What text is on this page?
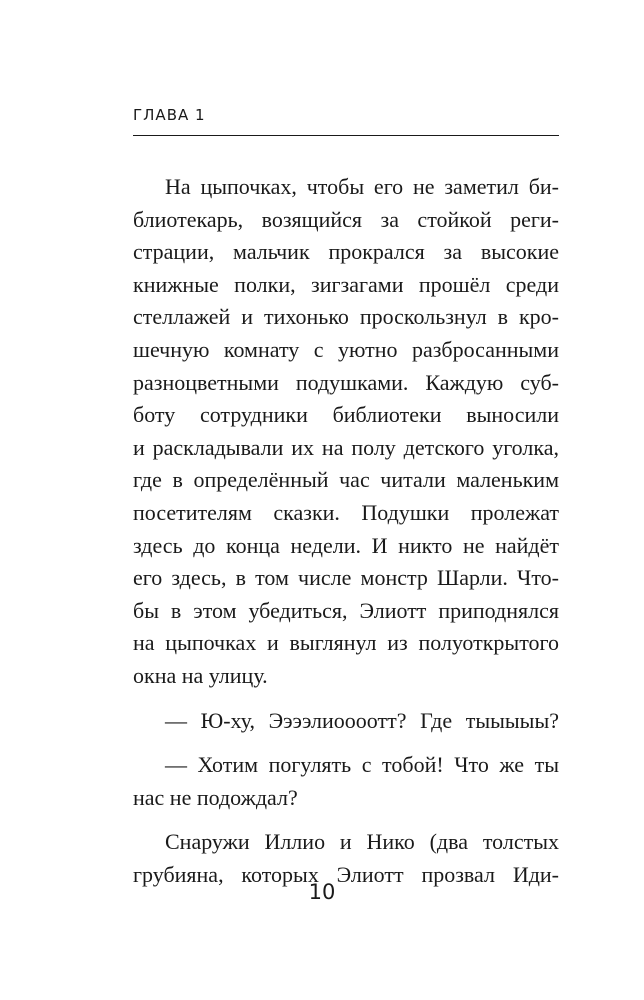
ГЛАВА 1
На цыпочках, чтобы его не заметил би-
блиотекарь, возящийся за стойкой реги-
страции, мальчик прокрался за высокие
книжные полки, зигзагами прошёл среди
стеллажей и тихонько проскользнул в кро-
шечную комнату с уютно разбросанными
разноцветными подушками. Каждую суб-
боту сотрудники библиотеки выносили
и раскладывали их на полу детского уголка,
где в определённый час читали маленьким
посетителям сказки. Подушки пролежат
здесь до конца недели. И никто не найдёт
его здесь, в том числе монстр Шарли. Что-
бы в этом убедиться, Элиотт приподнялся
на цыпочках и выглянул из полуоткрытого
окна на улицу.
— Ю-ху, Ээээлиоооотт? Где тыыыыы?
— Хотим погулять с тобой! Что же ты
нас не подождал?
Снаружи Иллио и Нико (два толстых
грубияна, которых Элиотт прозвал Иди-
10
